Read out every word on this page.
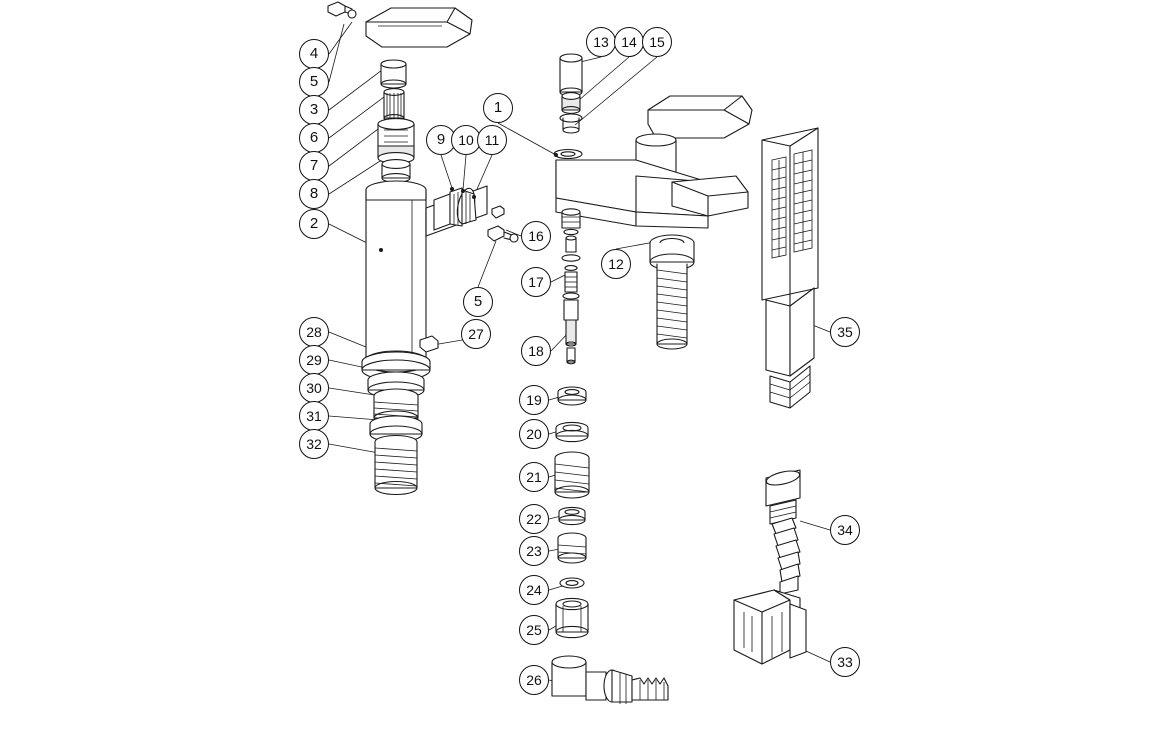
4
5
3
6
7
8
2
1
9 10 11
13 14 15
16
5
17
18
12
28
29
30
31
32
27
19
20
21
22
23
24
25
26
35
34
33
